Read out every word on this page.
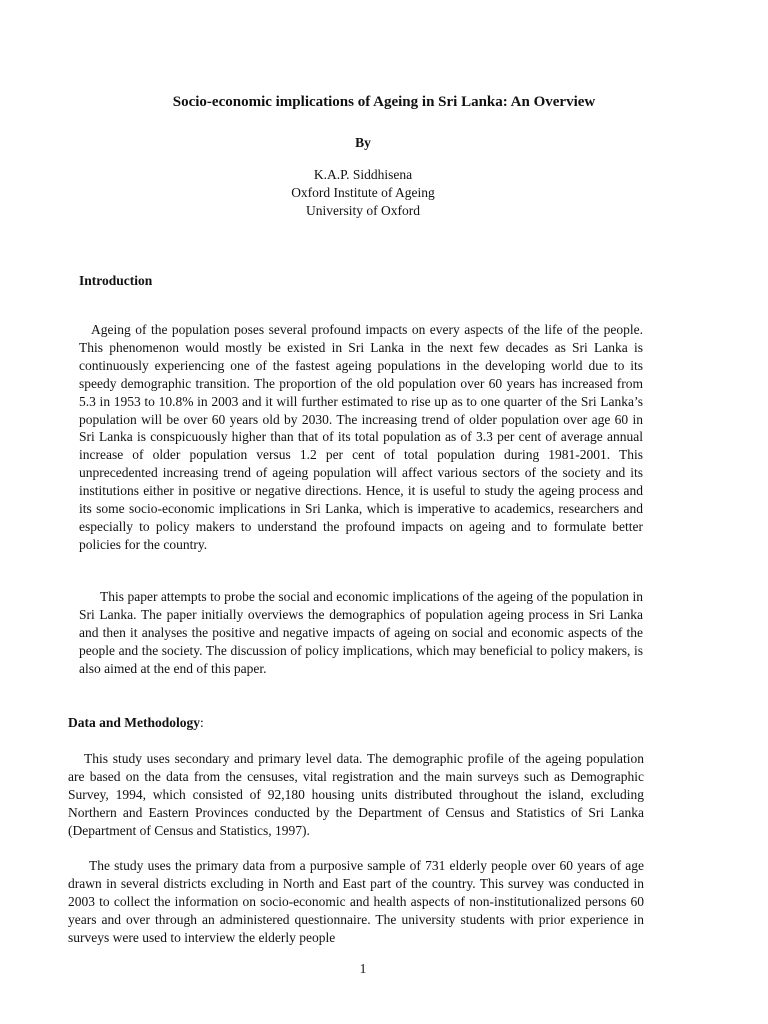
Socio-economic implications of Ageing in Sri Lanka: An Overview
By
K.A.P. Siddhisena
Oxford Institute of Ageing
University of Oxford
Introduction

Ageing of the population poses several profound impacts on every aspects of the life of the people. This phenomenon would mostly be existed in Sri Lanka in the next few decades as Sri Lanka is continuously experiencing one of the fastest ageing populations in the developing world due to its speedy demographic transition. The proportion of the old population over 60 years has increased from 5.3 in 1953 to 10.8% in 2003 and it will further estimated to rise up as to one quarter of the Sri Lanka’s population will be over 60 years old by 2030. The increasing trend of older population over age 60 in Sri Lanka is conspicuously higher than that of its total population as of 3.3 per cent of average annual increase of older population versus 1.2 per cent of total population during 1981-2001. This unprecedented increasing trend of ageing population will affect various sectors of the society and its institutions either in positive or negative directions. Hence, it is useful to study the ageing process and its some socio-economic implications in Sri Lanka, which is imperative to academics, researchers and especially to policy makers to understand the profound impacts on ageing and to formulate better policies for the country.

This paper attempts to probe the social and economic implications of the ageing of the population in Sri Lanka. The paper initially overviews the demographics of population ageing process in Sri Lanka and then it analyses the positive and negative impacts of ageing on social and economic aspects of the people and the society. The discussion of policy implications, which may beneficial to policy makers, is also aimed at the end of this paper.

Data and Methodology:

This study uses secondary and primary level data. The demographic profile of the ageing population are based on the data from the censuses, vital registration and the main surveys such as Demographic Survey, 1994, which consisted of 92,180 housing units distributed throughout the island, excluding Northern and Eastern Provinces conducted by the Department of Census and Statistics of Sri Lanka (Department of Census and Statistics, 1997).

The study uses the primary data from a purposive sample of 731 elderly people over 60 years of age drawn in several districts excluding in North and East part of the country. This survey was conducted in 2003 to collect the information on socio-economic and health aspects of non-institutionalized persons 60 years and over through an administered questionnaire. The university students with prior experience in surveys were used to interview the elderly people

1
